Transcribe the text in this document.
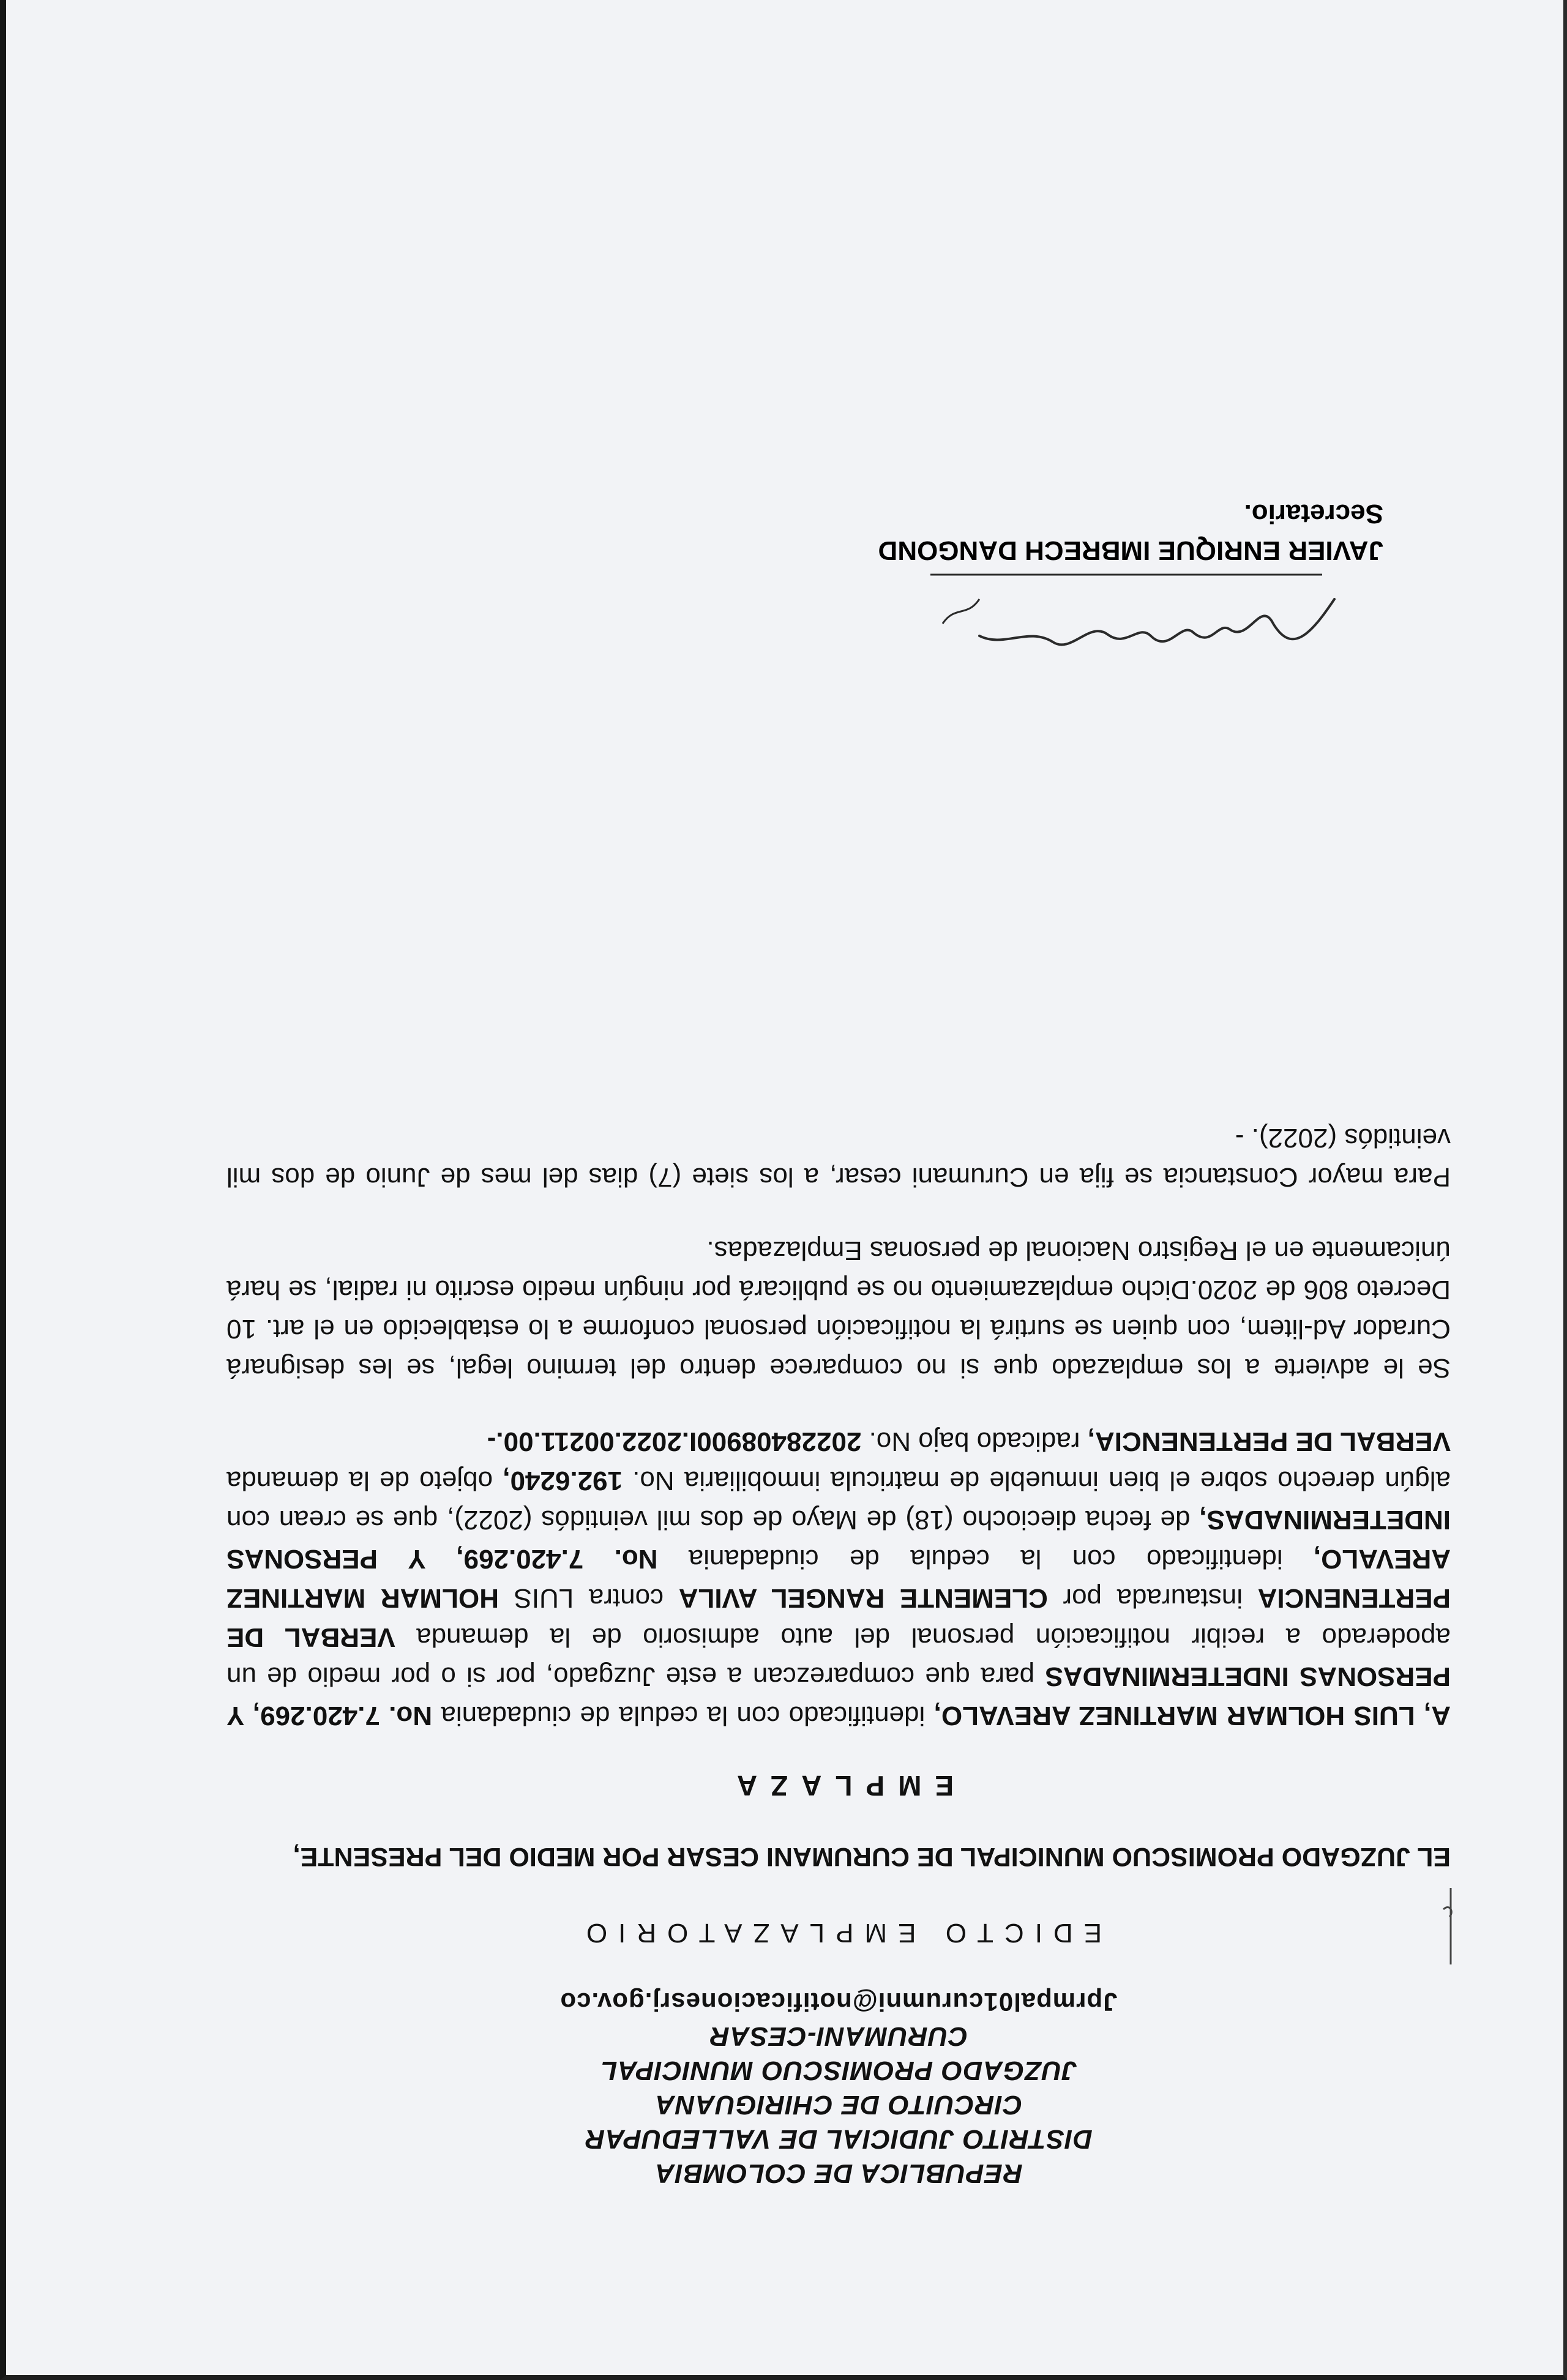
REPUBLICA DE COLOMBIA
DISTRITO JUDICIAL DE VALLEDUPAR
CIRCUITO DE CHIRIGUANA
JUZGADO PROMISCUO MUNICIPAL
CURUMANI-CESAR
Jprmpal01curumni@notificacionesrj.gov.co
EDICTO EMPLAZATORIO
EL JUZGADO PROMISCUO MUNICIPAL DE CURUMANI CESAR POR MEDIO DEL PRESENTE,
EMPLAZA

A, LUIS HOLMAR MARTINEZ AREVALO, identificado con la cedula de ciudadania No. 7.420.269, Y PERSONAS INDETERMINADAS para que comparezcan a este Juzgado, por si o por medio de un apoderado a recibir notificación personal del auto admisorio de la demanda VERBAL DE PERTENENCIA instaurada por CLEMENTE RANGEL AVILA contra LUIS HOLMAR MARTINEZ AREVALO, identificado con la cedula de ciudadania No. 7.420.269, Y PERSONAS INDETERMINADAS, de fecha dieciocho (18) de Mayo de dos mil veintidós (2022), que se crean con algún derecho sobre el bien inmueble de matricula inmobiliaria No. 192.6240, objeto de la demanda VERBAL DE PERTENENCIA, radicado bajo No. 20228408900I.2022.00211.00.-

Se le advierte a los emplazado que si no comparece dentro del termino legal, se les designará Curador Ad-litem, con quien se surtirá la notificación personal conforme a lo establecido en el art. 10 Decreto 806 de 2020.Dicho emplazamiento no se publicará por ningún medio escrito ni radial, se hará únicamente en el Registro Nacional de personas Emplazadas.

Para mayor Constancia se fija en Curumani cesar, a los siete (7) dias del mes de Junio de dos mil veintidós (2022). -

JAVIER ENRIQUE IMBRECH DANGOND
Secretario.
